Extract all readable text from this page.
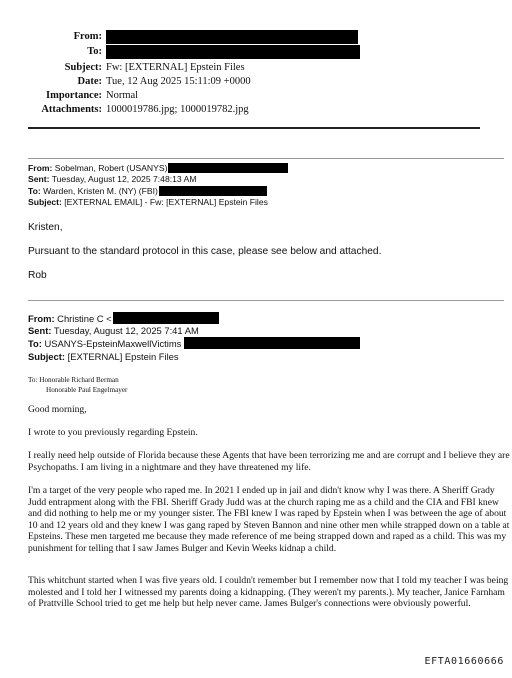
From:
To:
Subject: Fw: [EXTERNAL] Epstein Files
Date: Tue, 12 Aug 2025 15:11:09 +0000
Importance: Normal
Attachments: 1000019786.jpg; 1000019782.jpg
From: Sobelman, Robert (USANYS)
Sent: Tuesday, August 12, 2025 7:48:13 AM
To: Warden, Kristen M. (NY) (FBI)
Subject: [EXTERNAL EMAIL] - Fw: [EXTERNAL] Epstein Files
Kristen,
Pursuant to the standard protocol in this case, please see below and attached.
Rob
From: Christine C <
Sent: Tuesday, August 12, 2025 7:41 AM
To: USANYS-EpsteinMaxwellVictims
Subject: [EXTERNAL] Epstein Files
To: Honorable Richard Berman
Honorable Paul Engelmayer

Good morning,

I wrote to you previously regarding Epstein.

I really need help outside of Florida because these Agents that have been terrorizing me and are corrupt and I believe they are Psychopaths. I am living in a nightmare and they have threatened my life.

I'm a target of the very people who raped me. In 2021 I ended up in jail and didn't know why I was there. A Sheriff Grady Judd entrapment along with the FBI. Sheriff Grady Judd was at the church raping me as a child and the CIA and FBI knew and did nothing to help me or my younger sister. The FBI knew I was raped by Epstein when I was between the age of about 10 and 12 years old and they knew I was gang raped by Steven Bannon and nine other men while strapped down on a table at Epsteins. These men targeted me because they made reference of me being strapped down and raped as a child. This was my punishment for telling that I saw James Bulger and Kevin Weeks kidnap a child.

This whitchunt started when I was five years old. I couldn't remember but I remember now that I told my teacher I was being molested and I told her I witnessed my parents doing a kidnapping. (They weren't my parents.). My teacher, Janice Farnham of Prattville School tried to get me help but help never came. James Bulger's connections were obviously powerful.

EFTA01660666
